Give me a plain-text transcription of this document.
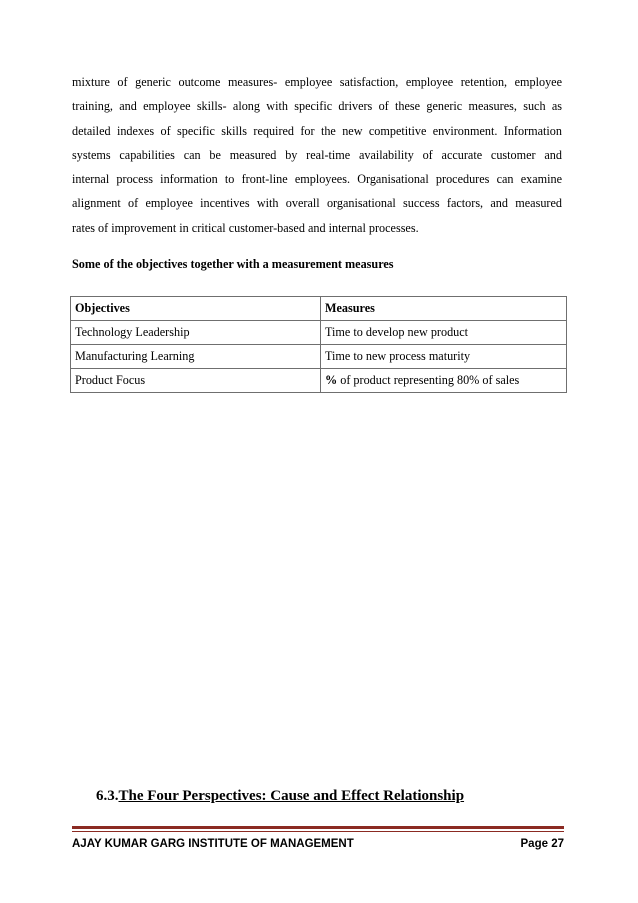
mixture of generic outcome measures- employee satisfaction, employee retention, employee
training, and employee skills- along with specific drivers of these generic measures, such as
detailed indexes of specific skills required for the new competitive environment. Information
systems capabilities can be measured by real-time availability of accurate customer and
internal process information to front-line employees. Organisational procedures can examine
alignment of employee incentives with overall organisational success factors, and measured
rates of improvement in critical customer-based and internal processes.

Some of the objectives together with a measurement measures

Objectives	Measures
Technology Leadership	Time to develop new product
Manufacturing Learning	Time to new process maturity
Product Focus	% of product representing 80% of sales
6.3.The Four Perspectives: Cause and Effect Relationship
AJAY KUMAR GARG INSTITUTE OF MANAGEMENT	Page 27
